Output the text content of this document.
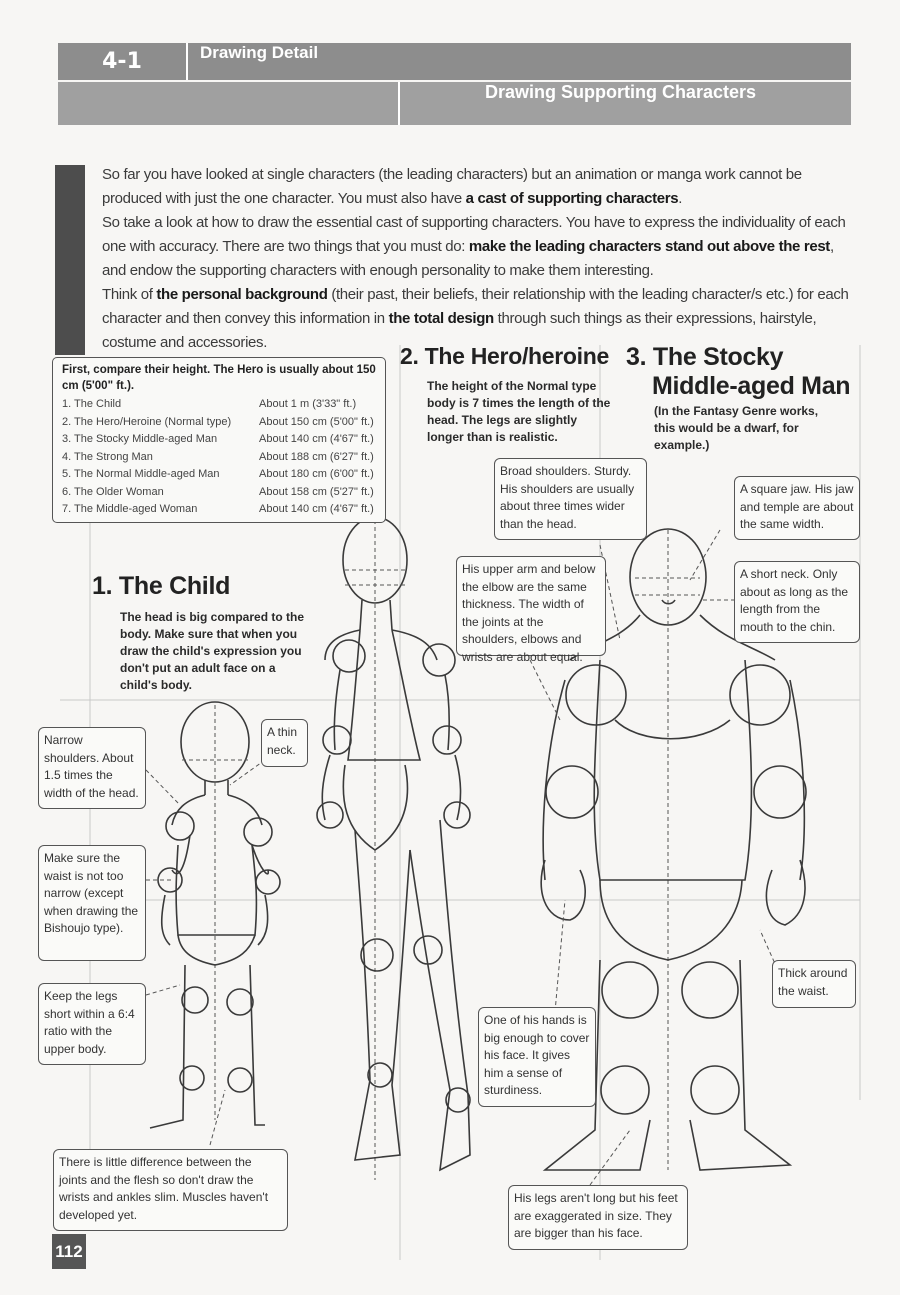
4-1	Drawing Detail
Drawing Supporting Characters

So far you have looked at single characters (the leading characters) but an animation or manga work cannot be produced with just the one character. You must also have a cast of supporting characters.

So take a look at how to draw the essential cast of supporting characters. You have to express the individuality of each one with accuracy. There are two things that you must do: make the leading characters stand out above the rest, and endow the supporting characters with enough personality to make them interesting.

Think of the personal background (their past, their beliefs, their relationship with the leading character/s etc.) for each character and then convey this information in the total design through such things as their expressions, hairstyle, costume and accessories.

First, compare their height. The Hero is usually about 150 cm (5'00" ft.).
1. The Child	About 1 m (3'33" ft.)
2. The Hero/Heroine (Normal type)	About 150 cm (5'00" ft.)
3. The Stocky Middle-aged Man	About 140 cm (4'67" ft.)
4. The Strong Man	About 188 cm (6'27" ft.)
5. The Normal Middle-aged Man	About 180 cm (6'00" ft.)
6. The Older Woman	About 158 cm (5'27" ft.)
7. The Middle-aged Woman	About 140 cm (4'67" ft.)
1. The Child
The head is big compared to the body. Make sure that when you draw the child's expression you don't put an adult face on a child's body.
2. The Hero/heroine
The height of the Normal type body is 7 times the length of the head. The legs are slightly longer than is realistic.
3. The Stocky
Middle-aged Man
(In the Fantasy Genre works, this would be a dwarf, for example.)
Narrow shoulders. About 1.5 times the width of the head.
A thin neck.
Make sure the waist is not too narrow (except when drawing the Bishoujo type).
Keep the legs short within a 6:4 ratio with the upper body.
There is little difference between the joints and the flesh so don't draw the wrists and ankles slim. Muscles haven't developed yet.
Broad shoulders. Sturdy. His shoulders are usually about three times wider than the head.
His upper arm and below the elbow are the same thickness. The width of the joints at the shoulders, elbows and wrists are about equal.
A square jaw. His jaw and temple are about the same width.
A short neck. Only about as long as the length from the mouth to the chin.
One of his hands is big enough to cover his face. It gives him a sense of sturdiness.
Thick around the waist.
His legs aren't long but his feet are exaggerated in size. They are bigger than his face.
112
